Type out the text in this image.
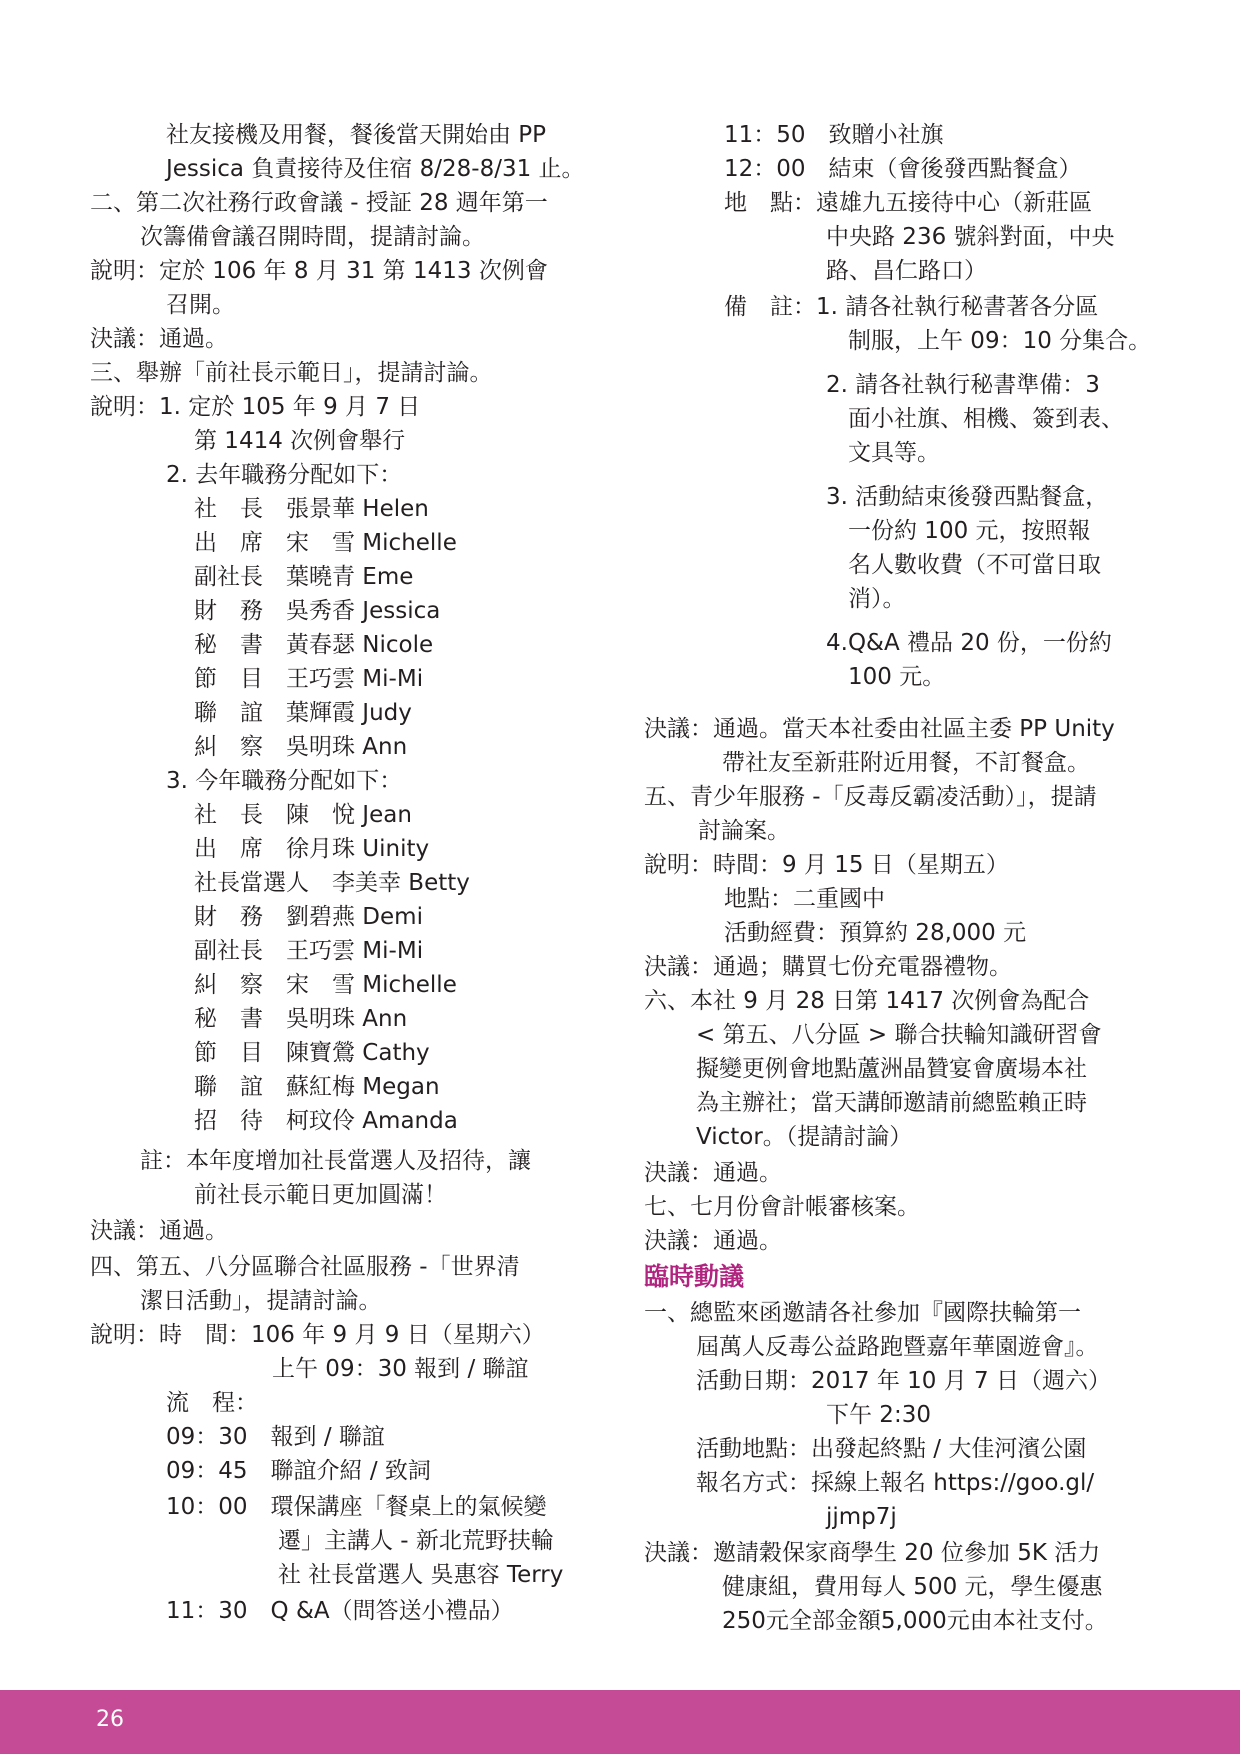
社友接機及用餐，餐後當天開始由 PP
Jessica 負責接待及住宿 8/28-8/31 止。
二、第二次社務行政會議 - 授証 28 週年第一
次籌備會議召開時間，提請討論。
說明：定於 106 年 8 月 31 第 1413 次例會
召開。
決議：通過。
三、舉辦「前社長示範日」，提請討論。
說明：1. 定於 105 年 9 月 7 日
第 1414 次例會舉行
2. 去年職務分配如下：
社　長　張景華 Helen
出　席　宋　雪 Michelle
副社長　葉曉青 Eme
財　務　吳秀香 Jessica
秘　書　黃春瑟 Nicole
節　目　王巧雲 Mi-Mi
聯　誼　葉輝霞 Judy
糾　察　吳明珠 Ann
3. 今年職務分配如下：
社　長　陳　悅 Jean
出　席　徐月珠 Uinity
社長當選人　李美幸 Betty
財　務　劉碧燕 Demi
副社長　王巧雲 Mi-Mi
糾　察　宋　雪 Michelle
秘　書　吳明珠 Ann
節　目　陳寶鶯 Cathy
聯　誼　蘇紅梅 Megan
招　待　柯玟伶 Amanda
註：本年度增加社長當選人及招待，讓
前社長示範日更加圓滿！
決議：通過。
四、第五、八分區聯合社區服務 -「世界清
潔日活動」，提請討論。
說明：時　間：106 年 9 月 9 日（星期六）
上午 09：30 報到 / 聯誼
流　程：
09：30　報到 / 聯誼
09：45　聯誼介紹 / 致詞
10：00　環保講座「餐桌上的氣候變
遷」主講人 - 新北荒野扶輪
社 社長當選人 吳惠容 Terry
11：30　Q &A（問答送小禮品）
11：50　致贈小社旗
12：00　結束（會後發西點餐盒）
地　點：遠雄九五接待中心（新莊區
中央路 236 號斜對面，中央
路、昌仁路口）
備　註：1. 請各社執行秘書著各分區
制服，上午 09：10 分集合。
2. 請各社執行秘書準備：3
面小社旗、相機、簽到表、
文具等。
3. 活動結束後發西點餐盒，
一份約 100 元，按照報
名人數收費（不可當日取
消）。
4.Q&A 禮品 20 份，一份約
100 元。
決議：通過。當天本社委由社區主委 PP Unity
帶社友至新莊附近用餐，不訂餐盒。
五、青少年服務 -「反毒反霸凌活動）」，提請
討論案。
說明：時間：9 月 15 日（星期五）
地點：二重國中
活動經費：預算約 28,000 元
決議：通過；購買七份充電器禮物。
六、本社 9 月 28 日第 1417 次例會為配合
< 第五、八分區 > 聯合扶輪知識研習會
擬變更例會地點蘆洲晶贊宴會廣場本社
為主辦社；當天講師邀請前總監賴正時
Victor。（提請討論）
決議：通過。
七、七月份會計帳審核案。
決議：通過。
臨時動議
一、總監來函邀請各社參加『國際扶輪第一
屆萬人反毒公益路跑暨嘉年華園遊會』。
活動日期：2017 年 10 月 7 日（週六）
下午 2:30
活動地點：出發起終點 / 大佳河濱公園
報名方式：採線上報名 https://goo.gl/
jjmp7j
決議：邀請穀保家商學生 20 位參加 5K 活力
健康組，費用每人 500 元，學生優惠
250元全部金額5,000元由本社支付。
26
